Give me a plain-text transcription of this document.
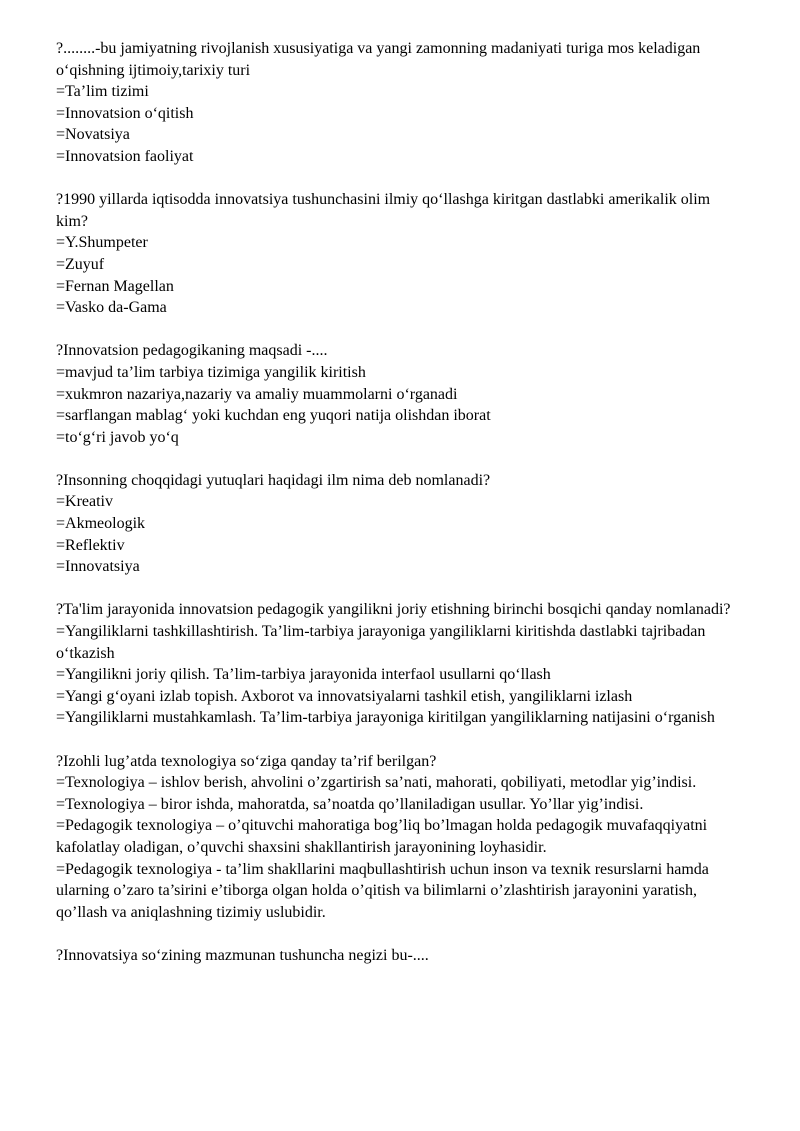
?........-bu jamiyatning rivojlanish xususiyatiga va yangi zamonning madaniyati turiga mos keladigan o‘qishning ijtimoiy,tarixiy turi
=Ta’lim tizimi
=Innovatsion o‘qitish
=Novatsiya
=Innovatsion faoliyat
?1990 yillarda iqtisodda innovatsiya tushunchasini ilmiy qo‘llashga kiritgan dastlabki amerikalik olim kim?
=Y.Shumpeter
=Zuyuf
=Fernan Magellan
=Vasko da-Gama
?Innovatsion pedagogikaning maqsadi -....
=mavjud ta’lim tarbiya tizimiga yangilik kiritish
=xukmron nazariya,nazariy va amaliy muammolarni o‘rganadi
=sarflangan mablag‘ yoki kuchdan eng yuqori natija olishdan iborat
=to‘g‘ri javob yo‘q
?Insonning choqqidagi yutuqlari haqidagi ilm nima deb nomlanadi?
=Kreativ
=Akmeologik
=Reflektiv
=Innovatsiya
?Ta'lim jarayonida innovatsion pedagogik yangilikni joriy etishning birinchi bosqichi qanday nomlanadi?
=Yangiliklarni tashkillashtirish. Ta’lim-tarbiya jarayoniga yangiliklarni kiritishda dastlabki tajribadan o‘tkazish
=Yangilikni joriy qilish. Ta’lim-tarbiya jarayonida interfaol usullarni qo‘llash
=Yangi g‘oyani izlab topish. Axborot va innovatsiyalarni tashkil etish, yangiliklarni izlash
=Yangiliklarni mustahkamlash. Ta’lim-tarbiya jarayoniga kiritilgan yangiliklarning natijasini o‘rganish
?Izohli lug’atda texnologiya so‘ziga qanday ta’rif berilgan?
=Texnologiya – ishlov berish, ahvolini o’zgartirish sa’nati, mahorati, qobiliyati, metodlar yig’indisi.
=Texnologiya – biror ishda, mahoratda, sa’noatda qo’llaniladigan usullar. Yo’llar yig’indisi.
=Pedagogik texnologiya – o’qituvchi mahoratiga bog’liq bo’lmagan holda pedagogik muvafaqqiyatni kafolatlay oladigan, o’quvchi shaxsini shakllantirish jarayonining loyhasidir.
=Pedagogik texnologiya - ta’lim shakllarini maqbullashtirish uchun inson va texnik resurslarni hamda ularning o’zaro ta’sirini e’tiborga olgan holda o’qitish va bilimlarni o’zlashtirish jarayonini yaratish, qo’llash va aniqlashning tizimiy uslubidir.
?Innovatsiya so‘zining mazmunan tushuncha negizi bu-....
